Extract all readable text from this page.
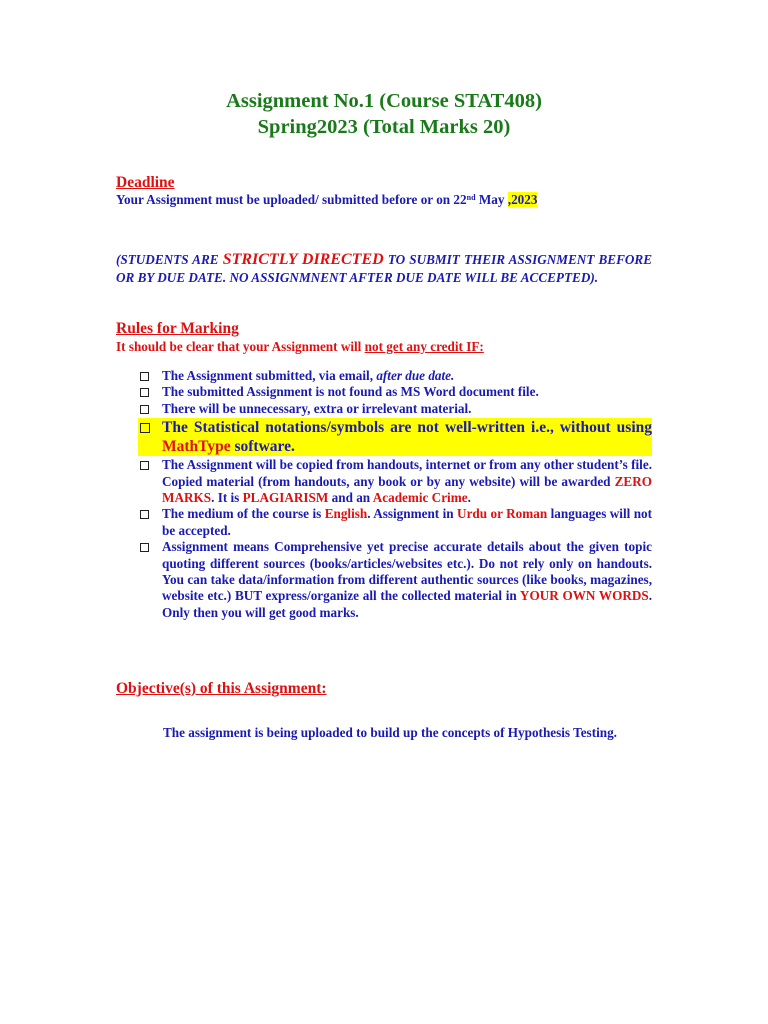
Assignment No.1 (Course STAT408)
Spring2023 (Total Marks 20)
Deadline
Your Assignment must be uploaded/ submitted before or on 22nd May ,2023
(STUDENTS ARE STRICTLY DIRECTED TO SUBMIT THEIR ASSIGNMENT BEFORE OR BY DUE DATE. NO ASSIGNMNENT AFTER DUE DATE WILL BE ACCEPTED).
Rules for Marking
It should be clear that your Assignment will not get any credit IF:
The Assignment submitted, via email, after due date.
The submitted Assignment is not found as MS Word document file.
There will be unnecessary, extra or irrelevant material.
The Statistical notations/symbols are not well-written i.e., without using MathType software.
The Assignment will be copied from handouts, internet or from any other student’s file. Copied material (from handouts, any book or by any website) will be awarded ZERO MARKS. It is PLAGIARISM and an Academic Crime.
The medium of the course is English. Assignment in Urdu or Roman languages will not be accepted.
Assignment means Comprehensive yet precise accurate details about the given topic quoting different sources (books/articles/websites etc.). Do not rely only on handouts. You can take data/information from different authentic sources (like books, magazines, website etc.) BUT express/organize all the collected material in YOUR OWN WORDS. Only then you will get good marks.
Objective(s) of this Assignment:
The assignment is being uploaded to build up the concepts of Hypothesis Testing.
